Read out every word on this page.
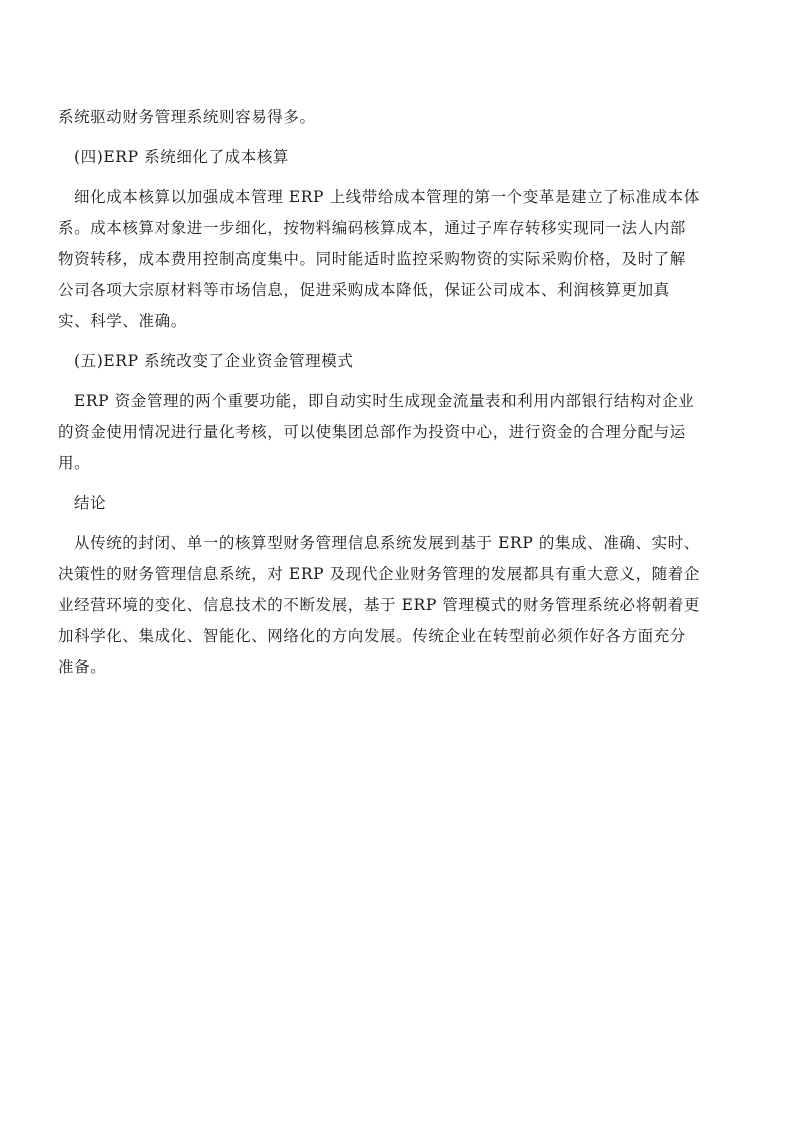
系统驱动财务管理系统则容易得多。
(四)ERP 系统细化了成本核算
细化成本核算以加强成本管理 ERP 上线带给成本管理的第一个变革是建立了标准成本体
系。成本核算对象进一步细化，按物料编码核算成本，通过子库存转移实现同一法人内部
物资转移，成本费用控制高度集中。同时能适时监控采购物资的实际采购价格，及时了解
公司各项大宗原材料等市场信息，促进采购成本降低，保证公司成本、利润核算更加真
实、科学、准确。
(五)ERP 系统改变了企业资金管理模式
ERP 资金管理的两个重要功能，即自动实时生成现金流量表和利用内部银行结构对企业
的资金使用情况进行量化考核，可以使集团总部作为投资中心，进行资金的合理分配与运
用。
结论
从传统的封闭、单一的核算型财务管理信息系统发展到基于 ERP 的集成、准确、实时、
决策性的财务管理信息系统，对 ERP 及现代企业财务管理的发展都具有重大意义，随着企
业经营环境的变化、信息技术的不断发展，基于 ERP 管理模式的财务管理系统必将朝着更
加科学化、集成化、智能化、网络化的方向发展。传统企业在转型前必须作好各方面充分
准备。
